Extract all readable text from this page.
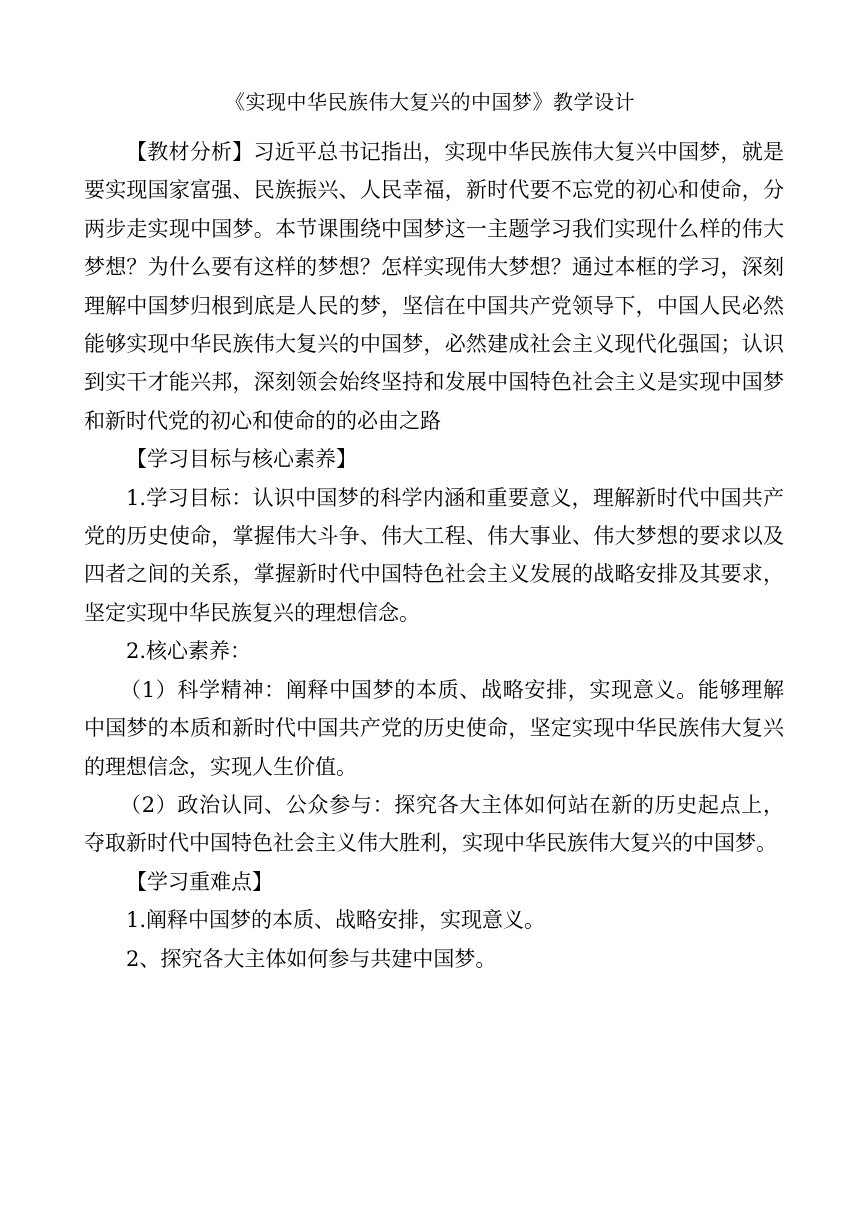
《实现中华民族伟大复兴的中国梦》教学设计

【教材分析】习近平总书记指出，实现中华民族伟大复兴中国梦，就是要实现国家富强、民族振兴、人民幸福，新时代要不忘党的初心和使命，分两步走实现中国梦。本节课围绕中国梦这一主题学习我们实现什么样的伟大梦想？为什么要有这样的梦想？怎样实现伟大梦想？通过本框的学习，深刻理解中国梦归根到底是人民的梦，坚信在中国共产党领导下，中国人民必然能够实现中华民族伟大复兴的中国梦，必然建成社会主义现代化强国；认识到实干才能兴邦，深刻领会始终坚持和发展中国特色社会主义是实现中国梦和新时代党的初心和使命的的必由之路

【学习目标与核心素养】

1.学习目标：认识中国梦的科学内涵和重要意义，理解新时代中国共产党的历史使命，掌握伟大斗争、伟大工程、伟大事业、伟大梦想的要求以及四者之间的关系，掌握新时代中国特色社会主义发展的战略安排及其要求，坚定实现中华民族复兴的理想信念。

2.核心素养：

（1）科学精神：阐释中国梦的本质、战略安排，实现意义。能够理解中国梦的本质和新时代中国共产党的历史使命，坚定实现中华民族伟大复兴的理想信念，实现人生价值。

（2）政治认同、公众参与：探究各大主体如何站在新的历史起点上，夺取新时代中国特色社会主义伟大胜利，实现中华民族伟大复兴的中国梦。

【学习重难点】

1.阐释中国梦的本质、战略安排，实现意义。

2、探究各大主体如何参与共建中国梦。
